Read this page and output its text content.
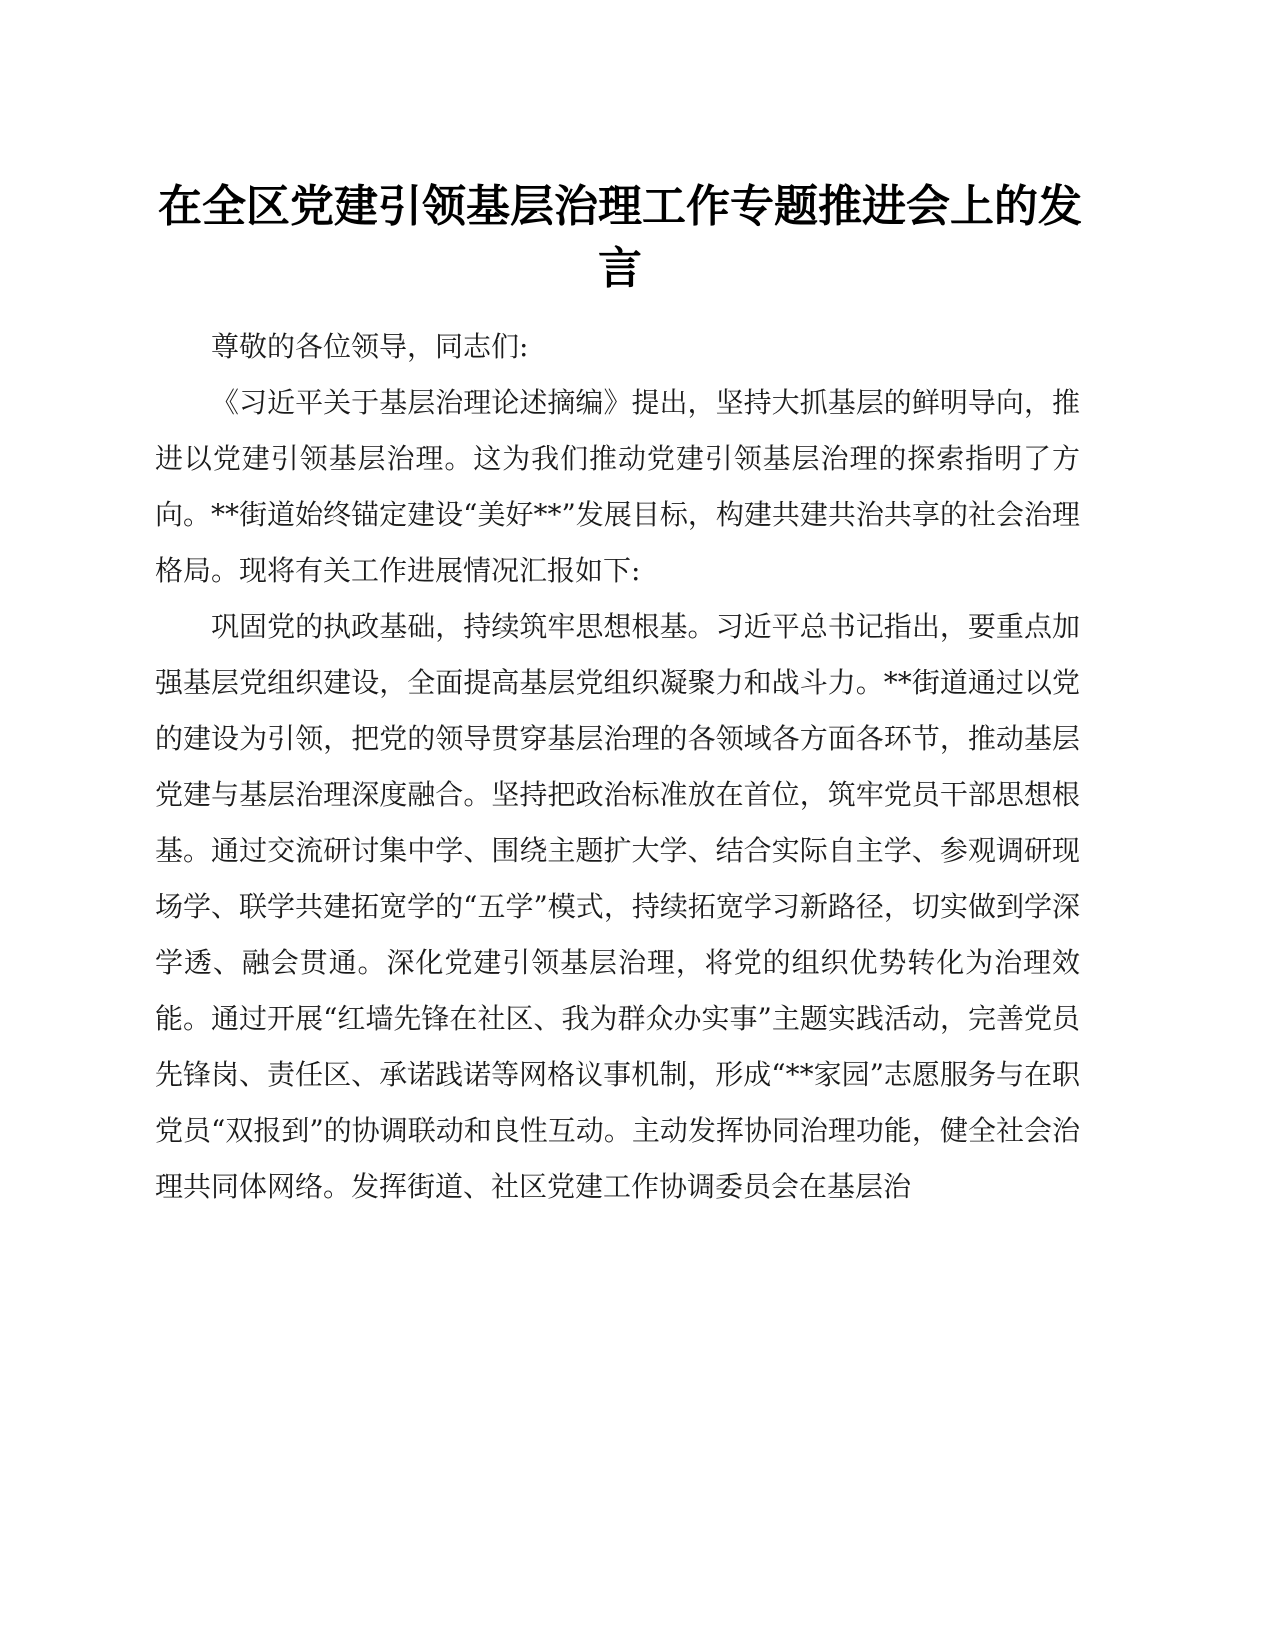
在全区党建引领基层治理工作专题推进会上的发言

尊敬的各位领导，同志们:

《习近平关于基层治理论述摘编》提出，坚持大抓基层的鲜明导向，推进以党建引领基层治理。这为我们推动党建引领基层治理的探索指明了方向。**街道始终锚定建设“美好**”发展目标，构建共建共治共享的社会治理格局。现将有关工作进展情况汇报如下:

巩固党的执政基础，持续筑牢思想根基。习近平总书记指出，要重点加强基层党组织建设，全面提高基层党组织凝聚力和战斗力。**街道通过以党的建设为引领，把党的领导贯穿基层治理的各领域各方面各环节，推动基层党建与基层治理深度融合。坚持把政治标准放在首位，筑牢党员干部思想根基。通过交流研讨集中学、围绕主题扩大学、结合实际自主学、参观调研现场学、联学共建拓宽学的“五学”模式，持续拓宽学习新路径，切实做到学深学透、融会贯通。深化党建引领基层治理，将党的组织优势转化为治理效能。通过开展“红墙先锋在社区、我为群众办实事”主题实践活动，完善党员先锋岗、责任区、承诺践诺等网格议事机制，形成“**家园”志愿服务与在职党员“双报到”的协调联动和良性互动。主动发挥协同治理功能，健全社会治理共同体网络。发挥街道、社区党建工作协调委员会在基层治
